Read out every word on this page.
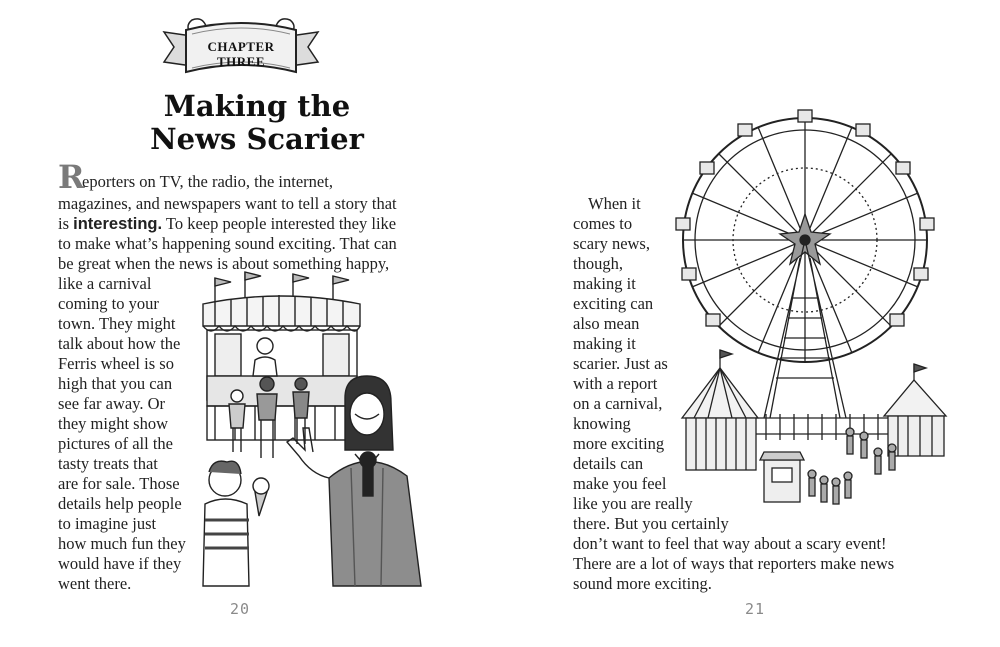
CHAPTER
THREE
Making the
News Scarier
R
eporters on TV, the radio, the internet,
magazines, and newspapers want to tell a story that
is interesting. To keep people interested they like
to make what’s happening sound exciting. That can
be great when the news is about something happy,
like a carnival
coming to your
town. They might
talk about how the
Ferris wheel is so
high that you can
see far away. Or
they might show
pictures of all the
tasty treats that
are for sale. Those
details help people
to imagine just
how much fun they
would have if they
went there.
20
When it
comes to
scary news,
though,
making it
exciting can
also mean
making it
scarier. Just as
with a report
on a carnival,
knowing
more exciting
details can
make you feel
like you are really
there. But you certainly
don’t want to feel that way about a scary event!
There are a lot of ways that reporters make news
sound more exciting.
21
